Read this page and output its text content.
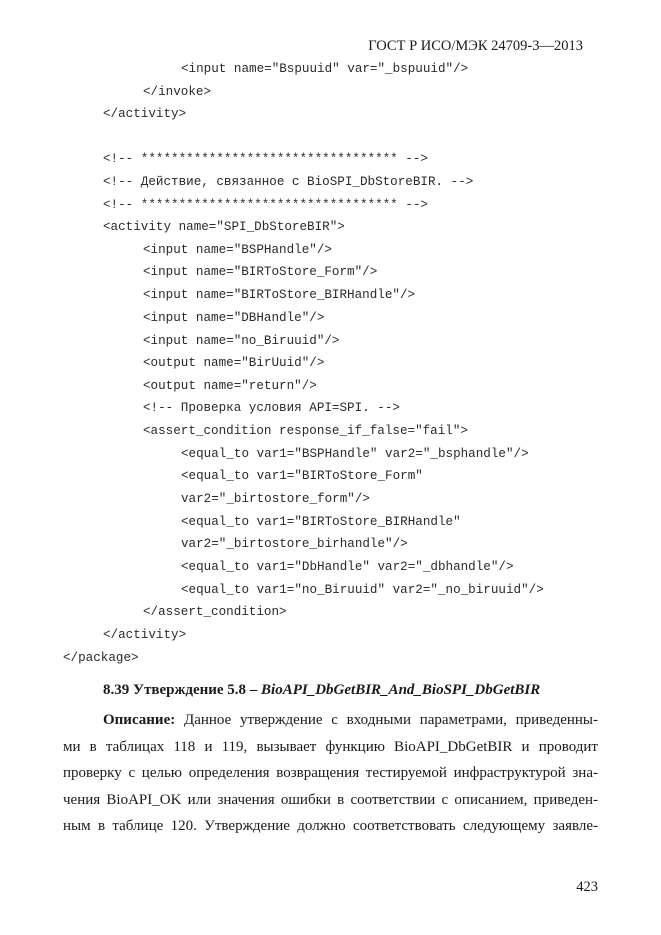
ГОСТ Р ИСО/МЭК 24709-3—2013
<input name="Bspuuid" var="_bspuuid"/>
</invoke>
</activity>
<!-- ********************************** -->
<!-- Действие, связанное с BioSPI_DbStoreBIR. -->
<!-- ********************************** -->
<activity name="SPI_DbStoreBIR">
<input name="BSPHandle"/>
<input name="BIRToStore_Form"/>
<input name="BIRToStore_BIRHandle"/>
<input name="DBHandle"/>
<input name="no_Biruuid"/>
<output name="BirUuid"/>
<output name="return"/>
<!-- Проверка условия API=SPI. -->
<assert_condition response_if_false="fail">
<equal_to var1="BSPHandle" var2="_bsphandle"/>
<equal_to var1="BIRToStore_Form"
var2="_birtostore_form"/>
<equal_to var1="BIRToStore_BIRHandle"
var2="_birtostore_birhandle"/>
<equal_to var1="DbHandle" var2="_dbhandle"/>
<equal_to var1="no_Biruuid" var2="_no_biruuid"/>
</assert_condition>
</activity>
</package>
8.39 Утверждение 5.8 – BioAPI_DbGetBIR_And_BioSPI_DbGetBIR
Описание: Данное утверждение с входными параметрами, приведенны-
ми в таблицах 118 и 119, вызывает функцию BioAPI_DbGetBIR и проводит
проверку с целью определения возвращения тестируемой инфраструктурой зна-
чения BioAPI_OK или значения ошибки в соответствии с описанием, приведен-
ным в таблице 120. Утверждение должно соответствовать следующему заявле-
423
